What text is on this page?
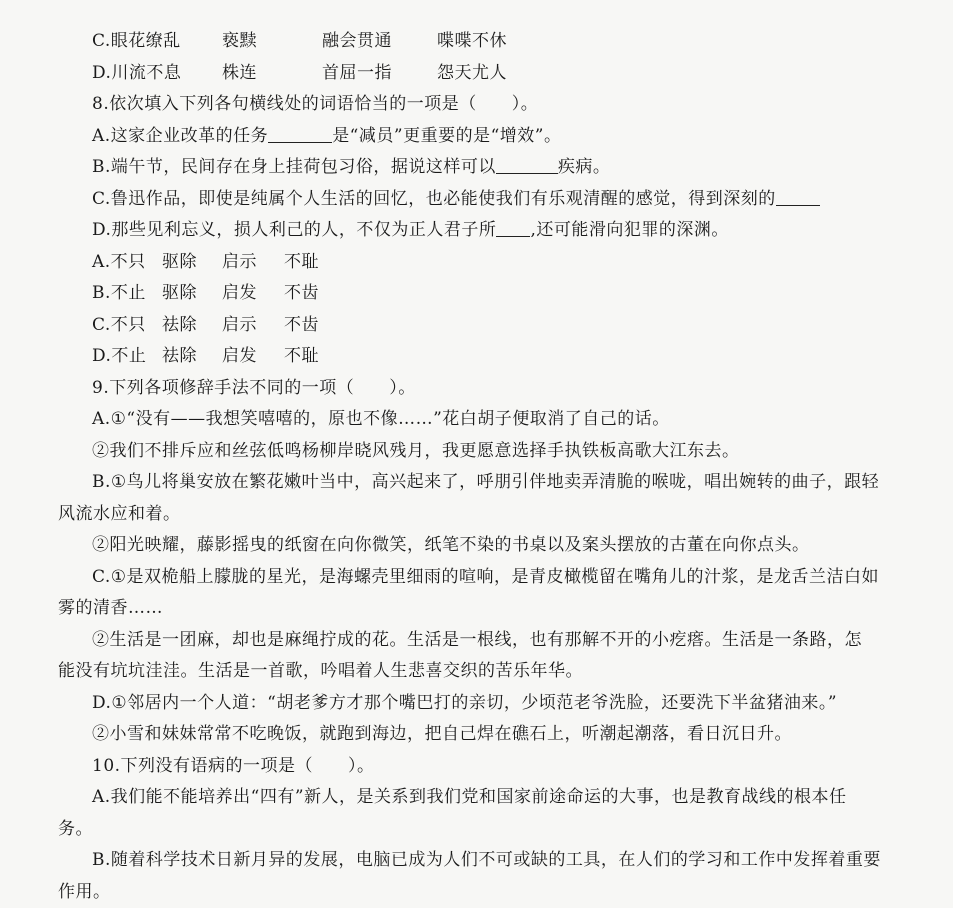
C.眼花缭乱	亵黩	融会贯通	喋喋不休
D.川流不息	株连	首屈一指	怨天尤人
8.依次填入下列各句横线处的词语恰当的一项是（　　）。
A.这家企业改革的任务	是“减员”更重要的是“增效”。
B.端午节，民间存在身上挂荷包习俗，据说这样可以	疾病。
C.鲁迅作品，即使是纯属个人生活的回忆，也必能使我们有乐观清醒的感觉，得到深刻的
D.那些见利忘义，损人利己的人，不仅为正人君子所 ,还可能滑向犯罪的深渊。
A.不只 驱除	启示	不耻
B.不止 驱除	启发	不齿
C.不只 祛除	启示	不齿
D.不止 祛除	启发	不耻
9.下列各项修辞手法不同的一项（　　）。
A.①“没有——我想笑嘻嘻的，原也不像……”花白胡子便取消了自己的话。
②我们不排斥应和丝弦低鸣杨柳岸晓风残月，我更愿意选择手执铁板高歌大江东去。
B.①鸟儿将巢安放在繁花嫩叶当中，高兴起来了，呼朋引伴地卖弄清脆的喉咙，唱出婉转的曲子，跟轻
风流水应和着。
②阳光映耀，藤影摇曳的纸窗在向你微笑，纸笔不染的书桌以及案头摆放的古董在向你点头。
C.①是双桅船上朦胧的星光，是海螺壳里细雨的喧响，是青皮橄榄留在嘴角儿的汁浆，是龙舌兰洁白如
雾的清香……
②生活是一团麻，却也是麻绳拧成的花。生活是一根线，也有那解不开的小疙瘩。生活是一条路，怎
能没有坑坑洼洼。生活是一首歌，吟唱着人生悲喜交织的苦乐年华。
D.①邻居内一个人道：“胡老爹方才那个嘴巴打的亲切，少顷范老爷洗脸，还要洗下半盆猪油来。”
②小雪和妹妹常常不吃晚饭，就跑到海边，把自己焊在礁石上，听潮起潮落，看日沉日升。
10.下列没有语病的一项是（　　）。
A.我们能不能培养出“四有”新人，是关系到我们党和国家前途命运的大事，也是教育战线的根本任
务。
B.随着科学技术日新月异的发展，电脑已成为人们不可或缺的工具，在人们的学习和工作中发挥着重要
作用。
